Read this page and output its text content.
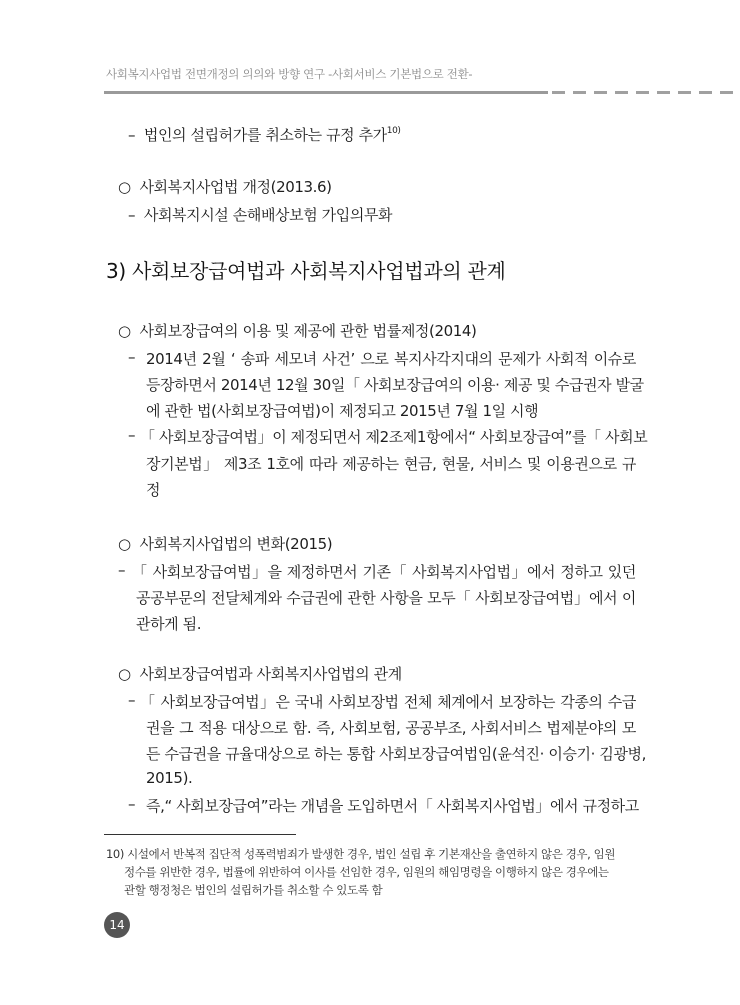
사회복지사업법 전면개정의 의의와 방향 연구 -사회서비스 기본법으로 전환-
– 법인의 설립허가를 취소하는 규정 추가$^{10)}$
○ 사회복지사업법 개정(2013.6)
– 사회복지시설 손해배상보험 가입의무화
3) 사회보장급여법과 사회복지사업법과의 관계
○ 사회보장급여의 이용 및 제공에 관한 법률제정(2014)
– 2014년 2월 ‘ 송파 세모녀 사건’ 으로 복지사각지대의 문제가 사회적 이슈로
등장하면서 2014년 12월 30일「 사회보장급여의 이용· 제공 및 수급권자 발굴
에 관한 법(사회보장급여법)이 제정되고 2015년 7월 1일 시행
– 「 사회보장급여법」이 제정되면서 제2조제1항에서“ 사회보장급여”를「 사회보
장기본법」 제3조 1호에 따라 제공하는 현금, 현물, 서비스 및 이용권으로 규
정
○ 사회복지사업법의 변화(2015)
– 「 사회보장급여법」을 제정하면서 기존「 사회복지사업법」에서 정하고 있던
공공부문의 전달체계와 수급권에 관한 사항을 모두「 사회보장급여법」에서 이
관하게 됨.
○ 사회보장급여법과 사회복지사업법의 관계
– 「 사회보장급여법」은 국내 사회보장법 전체 체계에서 보장하는 각종의 수급
권을 그 적용 대상으로 함. 즉, 사회보험, 공공부조, 사회서비스 법제분야의 모
든 수급권을 규율대상으로 하는 통합 사회보장급여법임(윤석진· 이승기· 김광병,
2015).
– 즉,“ 사회보장급여”라는 개념을 도입하면서「 사회복지사업법」에서 규정하고
10) 시설에서 반복적 집단적 성폭력범죄가 발생한 경우, 법인 설립 후 기본재산을 출연하지 않은 경우, 임원
정수를 위반한 경우, 법률에 위반하여 이사를 선임한 경우, 임원의 해임명령을 이행하지 않은 경우에는
관할 행정청은 법인의 설립허가를 취소할 수 있도록 함
14
